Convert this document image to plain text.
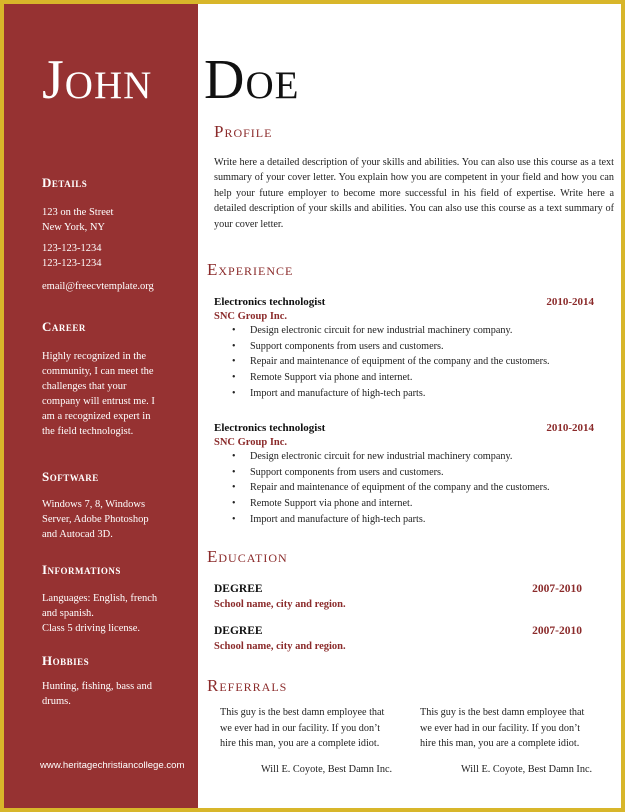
John Doe
Details
123 on the Street
New York, NY
123-123-1234
123-123-1234
email@freecvtemplate.org
Career
Highly recognized in the
community, I can meet the
challenges that your
company will entrust me. I
am a recognized expert in
the field technologist.
Software
Windows 7, 8, Windows
Server, Adobe Photoshop
and Autocad 3D.
Informations
Languages: English, french
and spanish.
Class 5 driving license.
Hobbies
Hunting, fishing, bass and
drums.
www.heritagechristiancollege.com
Profile
Write here a detailed description of your skills and abilities. You can also use this course as a text summary of your cover letter. You explain how you are competent in your field and how you can help your future employer to become more successful in his field of expertise. Write here a detailed description of your skills and abilities. You can also use this course as a text summary of your cover letter.
Experience
Electronics technologist	2010-2014
SNC Group Inc.
• Design electronic circuit for new industrial machinery company.
• Support components from users and customers.
• Repair and maintenance of equipment of the company and the customers.
• Remote Support via phone and internet.
• Import and manufacture of high-tech parts.
Electronics technologist	2010-2014
SNC Group Inc.
• Design electronic circuit for new industrial machinery company.
• Support components from users and customers.
• Repair and maintenance of equipment of the company and the customers.
• Remote Support via phone and internet.
• Import and manufacture of high-tech parts.
Education
DEGREE	2007-2010
School name, city and region.
DEGREE	2007-2010
School name, city and region.
Referrals
This guy is the best damn employee that
we ever had in our facility. If you don’t
hire this man, you are a complete idiot.
Will E. Coyote, Best Damn Inc.
This guy is the best damn employee that
we ever had in our facility. If you don’t
hire this man, you are a complete idiot.
Will E. Coyote, Best Damn Inc.
